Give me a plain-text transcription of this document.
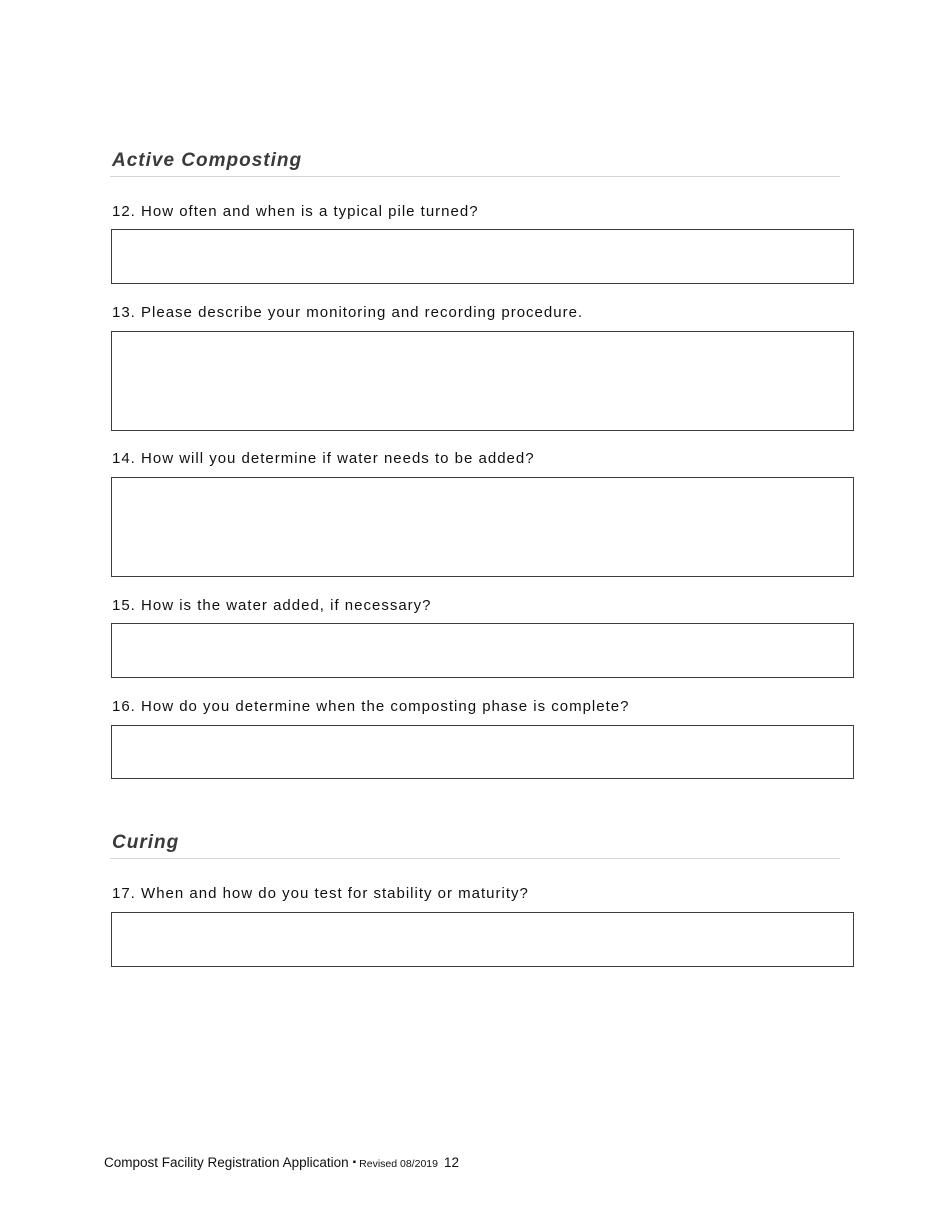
Active Composting
12. How often and when is a typical pile turned?
13. Please describe your monitoring and recording procedure.
14. How will you determine if water needs to be added?
15. How is the water added, if necessary?
16. How do you determine when the composting phase is complete?
Curing
17. When and how do you test for stability or maturity?
Compost Facility Registration Application ▪ Revised 08/2019 12
